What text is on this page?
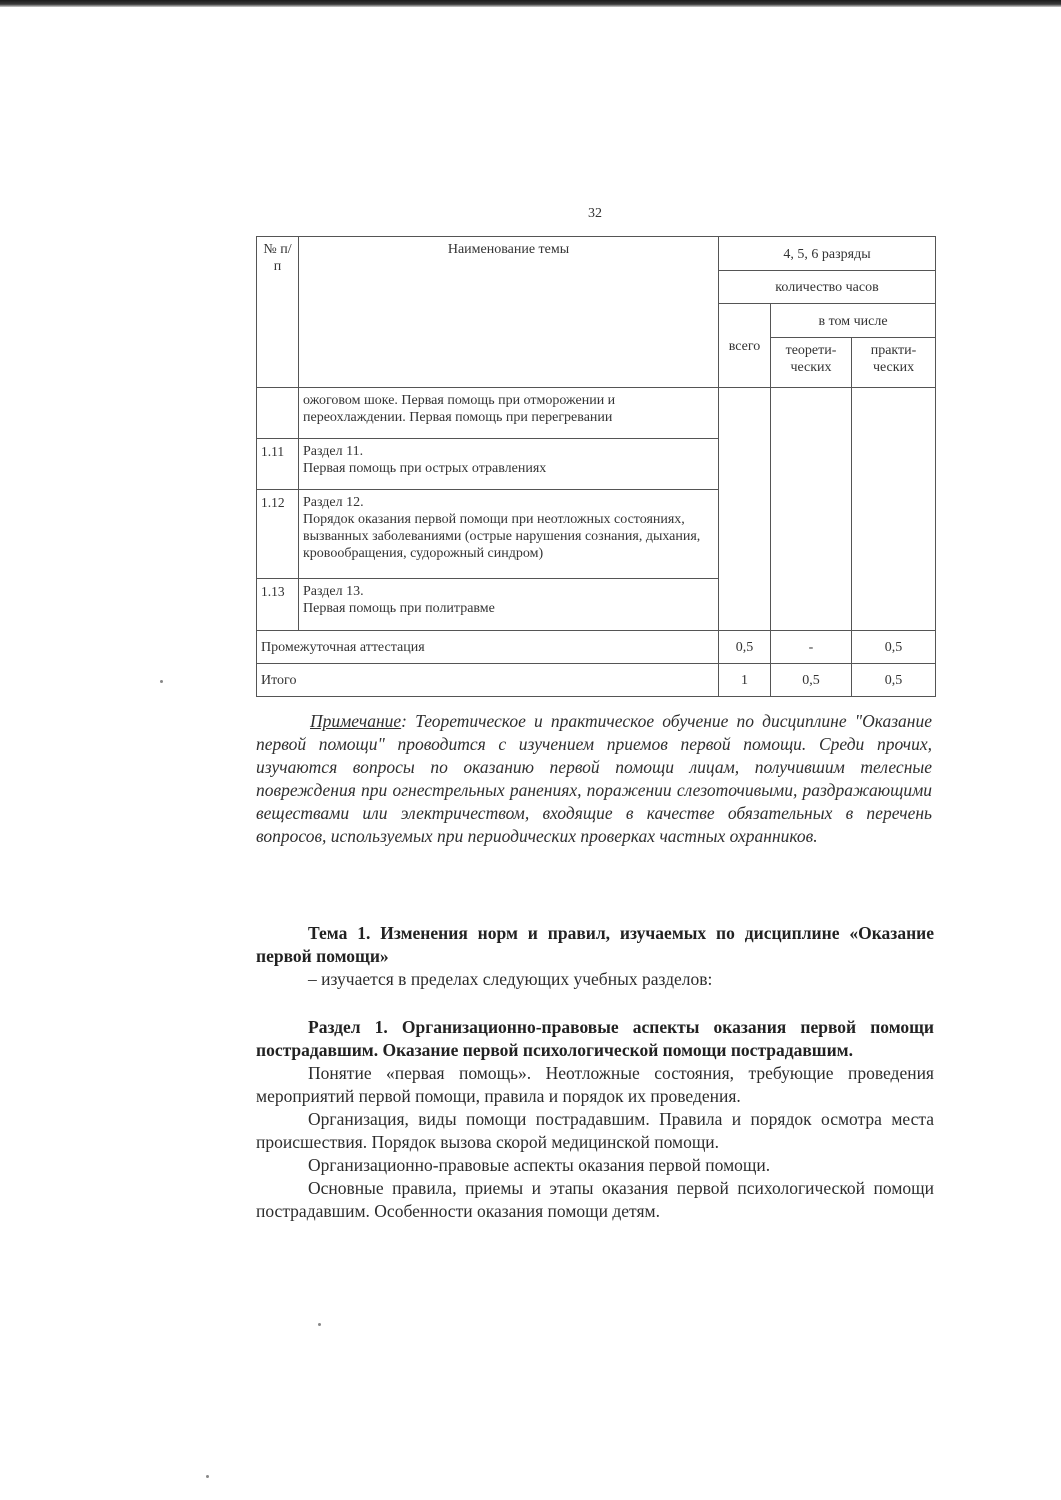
32
№ п/п	Наименование темы	4, 5, 6 разряды		
		количество часов		
		всего	в том числе	
			теорети-ческих	практи-ческих
	ожоговом шоке. Первая помощь при отморожении и переохлаждении. Первая помощь при перегревании			
1.11	Раздел 11.
Первая помощь при острых отравлениях			
1.12	Раздел 12.
Порядок оказания первой помощи при неотложных состояниях, вызванных заболеваниями (острые нарушения сознания, дыхания, кровообращения, судорожный синдром)			
1.13	Раздел 13.
Первая помощь при политравме			
Промежуточная аттестация		0,5	-	0,5
Итого		1	0,5	0,5

Примечание: Теоретическое и практическое обучение по дисциплине "Оказание первой помощи" проводится с изучением приемов первой помощи. Среди прочих, изучаются вопросы по оказанию первой помощи лицам, получившим телесные повреждения при огнестрельных ранениях, поражении слезоточивыми, раздражающими веществами или электричеством, входящие в качестве обязательных в перечень вопросов, используемых при периодических проверках частных охранников.

Тема 1. Изменения норм и правил, изучаемых по дисциплине «Оказание первой помощи»

– изучается в пределах следующих учебных разделов:

Раздел 1. Организационно-правовые аспекты оказания первой помощи пострадавшим. Оказание первой психологической помощи пострадавшим.

Понятие «первая помощь». Неотложные состояния, требующие проведения мероприятий первой помощи, правила и порядок их проведения.

Организация, виды помощи пострадавшим. Правила и порядок осмотра места происшествия. Порядок вызова скорой медицинской помощи.

Организационно-правовые аспекты оказания первой помощи.

Основные правила, приемы и этапы оказания первой психологической помощи пострадавшим. Особенности оказания помощи детям.
